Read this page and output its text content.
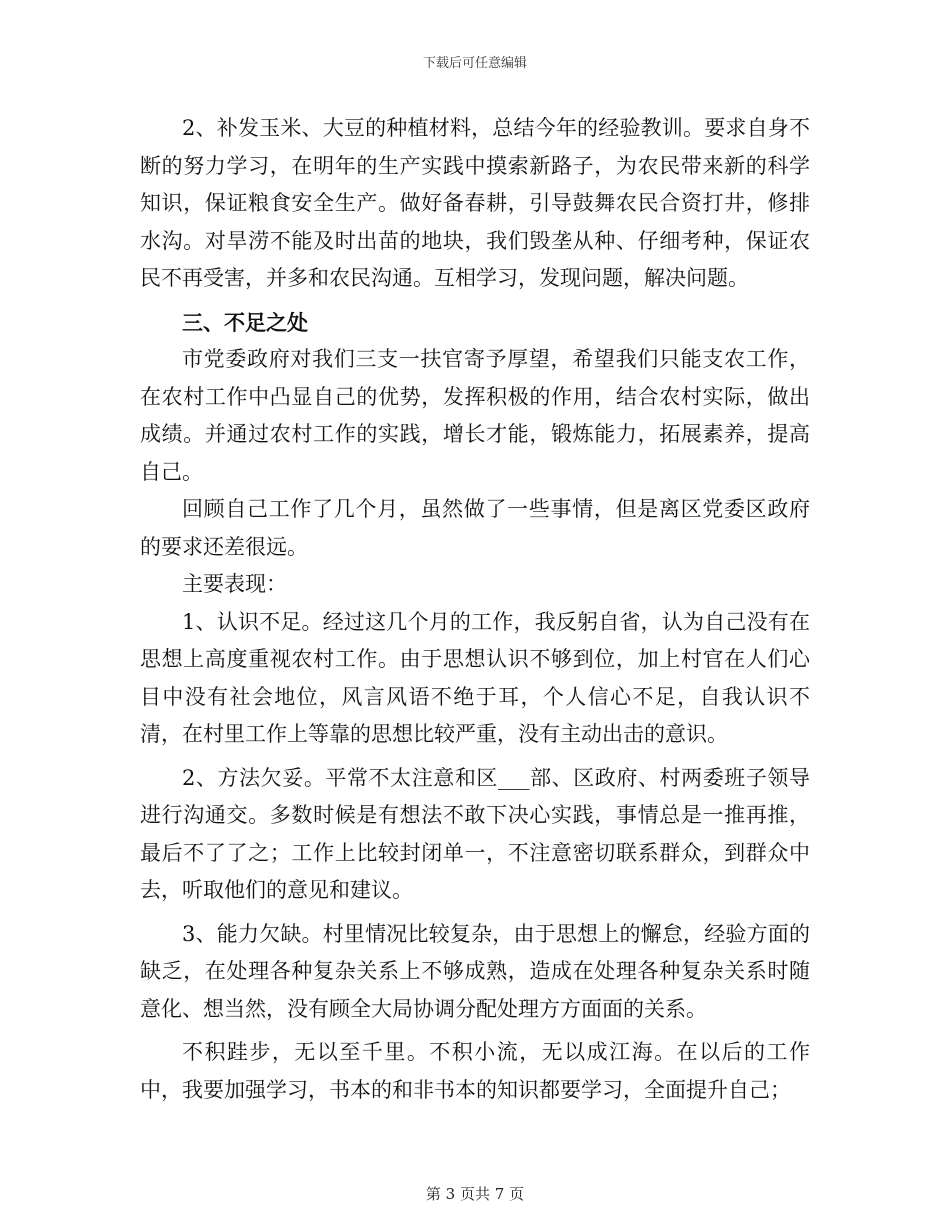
下载后可任意编辑

2、补发玉米、大豆的种植材料，总结今年的经验教训。要求自身不断的努力学习，在明年的生产实践中摸索新路子，为农民带来新的科学知识，保证粮食安全生产。做好备春耕，引导鼓舞农民合资打井，修排水沟。对旱涝不能及时出苗的地块，我们毁垄从种、仔细考种，保证农民不再受害，并多和农民沟通。互相学习，发现问题，解决问题。

三、不足之处

市党委政府对我们三支一扶官寄予厚望，希望我们只能支农工作，在农村工作中凸显自己的优势，发挥积极的作用，结合农村实际，做出成绩。并通过农村工作的实践，增长才能，锻炼能力，拓展素养，提高自己。

回顾自己工作了几个月，虽然做了一些事情，但是离区党委区政府的要求还差很远。

主要表现：

1、认识不足。经过这几个月的工作，我反躬自省，认为自己没有在思想上高度重视农村工作。由于思想认识不够到位，加上村官在人们心目中没有社会地位，风言风语不绝于耳，个人信心不足，自我认识不清，在村里工作上等靠的思想比较严重，没有主动出击的意识。

2、方法欠妥。平常不太注意和区___部、区政府、村两委班子领导进行沟通交。多数时候是有想法不敢下决心实践，事情总是一推再推，最后不了了之；工作上比较封闭单一，不注意密切联系群众，到群众中去，听取他们的意见和建议。

3、能力欠缺。村里情况比较复杂，由于思想上的懈怠，经验方面的缺乏，在处理各种复杂关系上不够成熟，造成在处理各种复杂关系时随意化、想当然，没有顾全大局协调分配处理方方面面的关系。

不积跬步，无以至千里。不积小流，无以成江海。在以后的工作中，我要加强学习，书本的和非书本的知识都要学习，全面提升自己；

第 3 页共 7 页
